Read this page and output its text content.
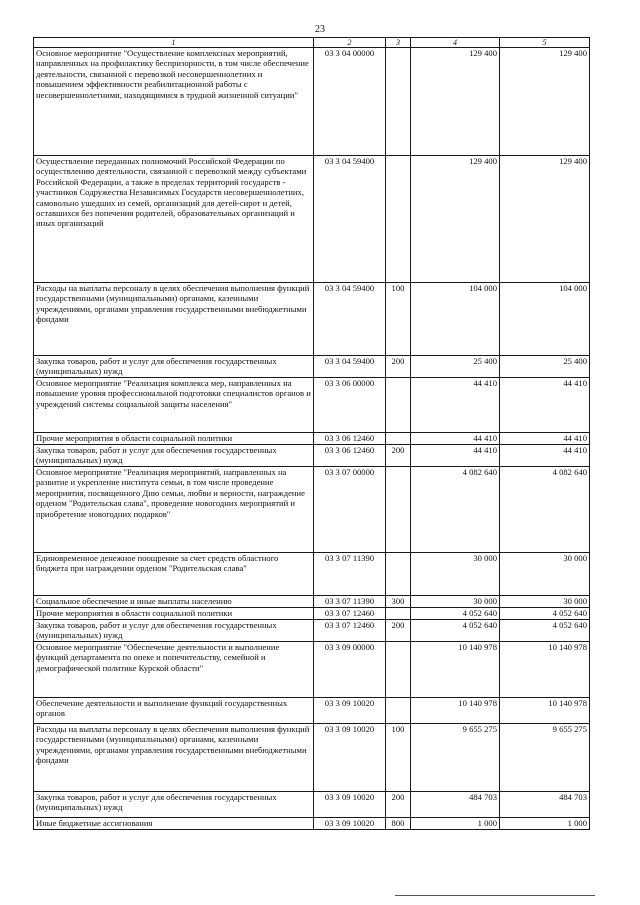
23
1	2	3	4	5
Основное мероприятие "Осуществление комплексных мероприятий, направленных на профилактику беспризорности, в том числе обеспечение деятельности, связанной с перевозкой несовершеннолетних и повышением эффективности реабилитационной работы с несовершеннолетними, находящимися в трудной жизненной ситуации"	03 3 04 00000		129 400	129 400
Осуществление переданных полномочий Российской Федерации по осуществлению деятельности, связанной с перевозкой между субъектами Российской Федерации, а также в пределах территорий государств - участников Содружества Независимых Государств несовершеннолетних, самовольно ушедших из семей, организаций для детей-сирот и детей, оставшихся без попечения родителей, образовательных организаций и иных организаций	03 3 04 59400		129 400	129 400
Расходы на выплаты персоналу в целях обеспечения выполнения функций государственными (муниципальными) органами, казенными учреждениями, органами управления государственными внебюджетными фондами	03 3 04 59400	100	104 000	104 000
Закупка товаров, работ и услуг для обеспечения государственных (муниципальных) нужд	03 3 04 59400	200	25 400	25 400
Основное мероприятие "Реализация комплекса мер, направленных на повышение уровня профессиональной подготовки специалистов органов и учреждений системы социальной защиты населения"	03 3 06 00000		44 410	44 410
Прочие мероприятия в области социальной политики	03 3 06 12460		44 410	44 410
Закупка товаров, работ и услуг для обеспечения государственных (муниципальных) нужд	03 3 06 12460	200	44 410	44 410
Основное мероприятие "Реализация мероприятий, направленных на развитие и укрепление института семьи, в том числе проведение мероприятия, посвященного Дню семьи, любви и верности, награждение орденом "Родительская слава", проведение новогодних мероприятий и приобретение новогодних подарков"	03 3 07 00000		4 082 640	4 082 640
Единовременное денежное поощрение за счет средств областного бюджета при награждении орденом "Родительская слава"	03 3 07 11390		30 000	30 000
Социальное обеспечение и иные выплаты населению	03 3 07 11390	300	30 000	30 000
Прочие мероприятия в области социальной политики	03 3 07 12460		4 052 640	4 052 640
Закупка товаров, работ и услуг для обеспечения государственных (муниципальных) нужд	03 3 07 12460	200	4 052 640	4 052 640
Основное мероприятие "Обеспечение деятельности и выполнение функций департамента по опеке и попечительству, семейной и демографической политике Курской области"	03 3 09 00000		10 140 978	10 140 978
Обеспечение деятельности и выполнение функций государственных органов	03 3 09 10020		10 140 978	10 140 978
Расходы на выплаты персоналу в целях обеспечения выполнения функций государственными (муниципальными) органами, казенными учреждениями, органами управления государственными внебюджетными фондами	03 3 09 10020	100	9 655 275	9 655 275
Закупка товаров, работ и услуг для обеспечения государственных (муниципальных) нужд	03 3 09 10020	200	484 703	484 703
Иные бюджетные ассигнования	03 3 09 10020	800	1 000	1 000
